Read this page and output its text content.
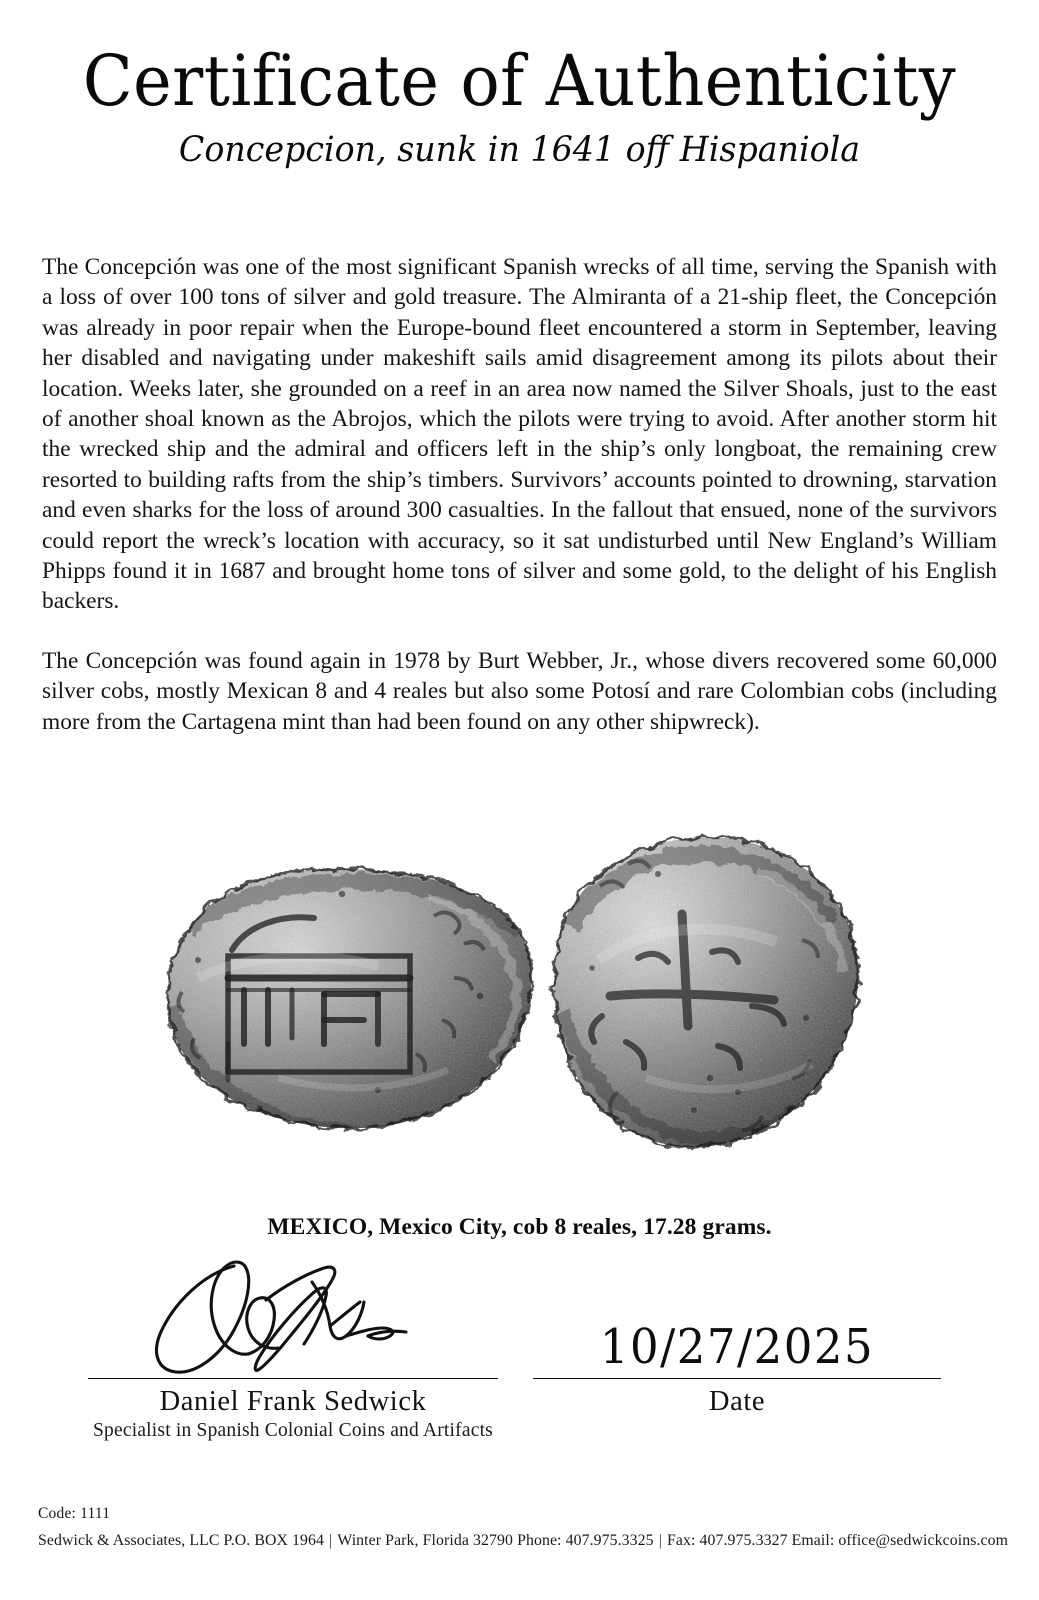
Certificate of Authenticity
Concepcion, sunk in 1641 off Hispaniola

The Concepción was one of the most significant Spanish wrecks of all time, serving the Spanish with a loss of over 100 tons of silver and gold treasure. The Almiranta of a 21-ship fleet, the Concepción was already in poor repair when the Europe-bound fleet encountered a storm in September, leaving her disabled and navigating under makeshift sails amid disagreement among its pilots about their location. Weeks later, she grounded on a reef in an area now named the Silver Shoals, just to the east of another shoal known as the Abrojos, which the pilots were trying to avoid. After another storm hit the wrecked ship and the admiral and officers left in the ship’s only longboat, the remaining crew resorted to building rafts from the ship’s timbers. Survivors’ accounts pointed to drowning, starvation and even sharks for the loss of around 300 casualties. In the fallout that ensued, none of the survivors could report the wreck’s location with accuracy, so it sat undisturbed until New England’s William Phipps found it in 1687 and brought home tons of silver and some gold, to the delight of his English backers.

The Concepción was found again in 1978 by Burt Webber, Jr., whose divers recovered some 60,000 silver cobs, mostly Mexican 8 and 4 reales but also some Potosí and rare Colombian cobs (including more from the Cartagena mint than had been found on any other shipwreck).

MEXICO, Mexico City, cob 8 reales, 17.28 grams.
Daniel Frank Sedwick
Specialist in Spanish Colonial Coins and Artifacts
10/27/2025
Date
Code: 1111
Sedwick & Associates, LLC P.O. BOX 1964 | Winter Park, Florida 32790 Phone: 407.975.3325 | Fax: 407.975.3327 Email: office@sedwickcoins.com
